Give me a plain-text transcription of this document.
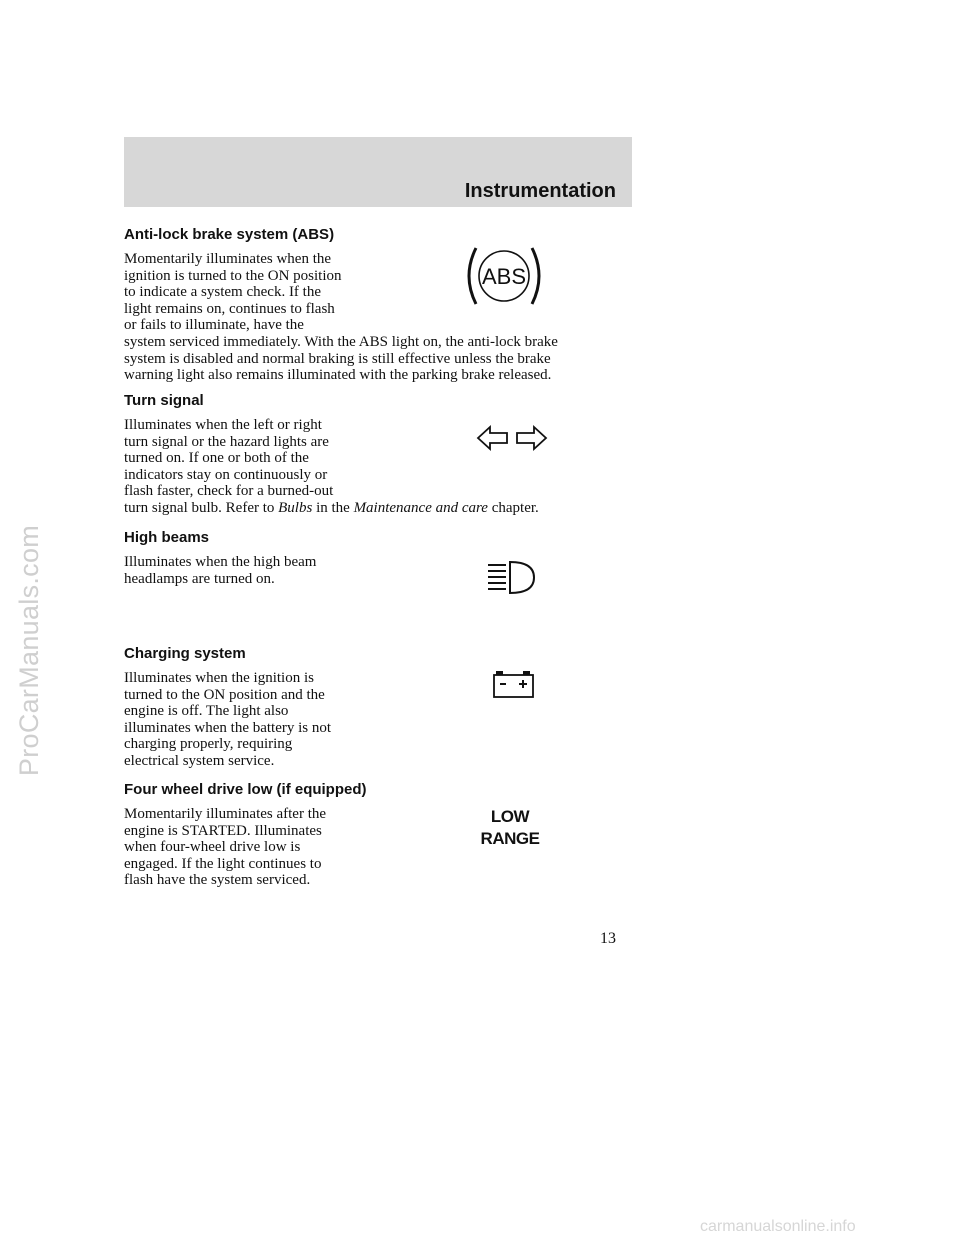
ProCarManuals.com
Instrumentation
Anti-lock brake system (ABS)

Momentarily illuminates when the
ignition is turned to the ON position
to indicate a system check. If the
light remains on, continues to flash
or fails to illuminate, have the
system serviced immediately. With the ABS light on, the anti-lock brake
system is disabled and normal braking is still effective unless the brake
warning light also remains illuminated with the parking brake released.

ABS
Turn signal

Illuminates when the left or right
turn signal or the hazard lights are
turned on. If one or both of the
indicators stay on continuously or
flash faster, check for a burned-out
turn signal bulb. Refer to Bulbs in the Maintenance and care chapter.

High beams

Illuminates when the high beam
headlamps are turned on.

Charging system

Illuminates when the ignition is
turned to the ON position and the
engine is off. The light also
illuminates when the battery is not
charging properly, requiring
electrical system service.

Four wheel drive low (if equipped)

Momentarily illuminates after the
engine is STARTED. Illuminates
when four-wheel drive low is
engaged. If the light continues to
flash have the system serviced.

LOW
RANGE
13
carmanualsonline.info
